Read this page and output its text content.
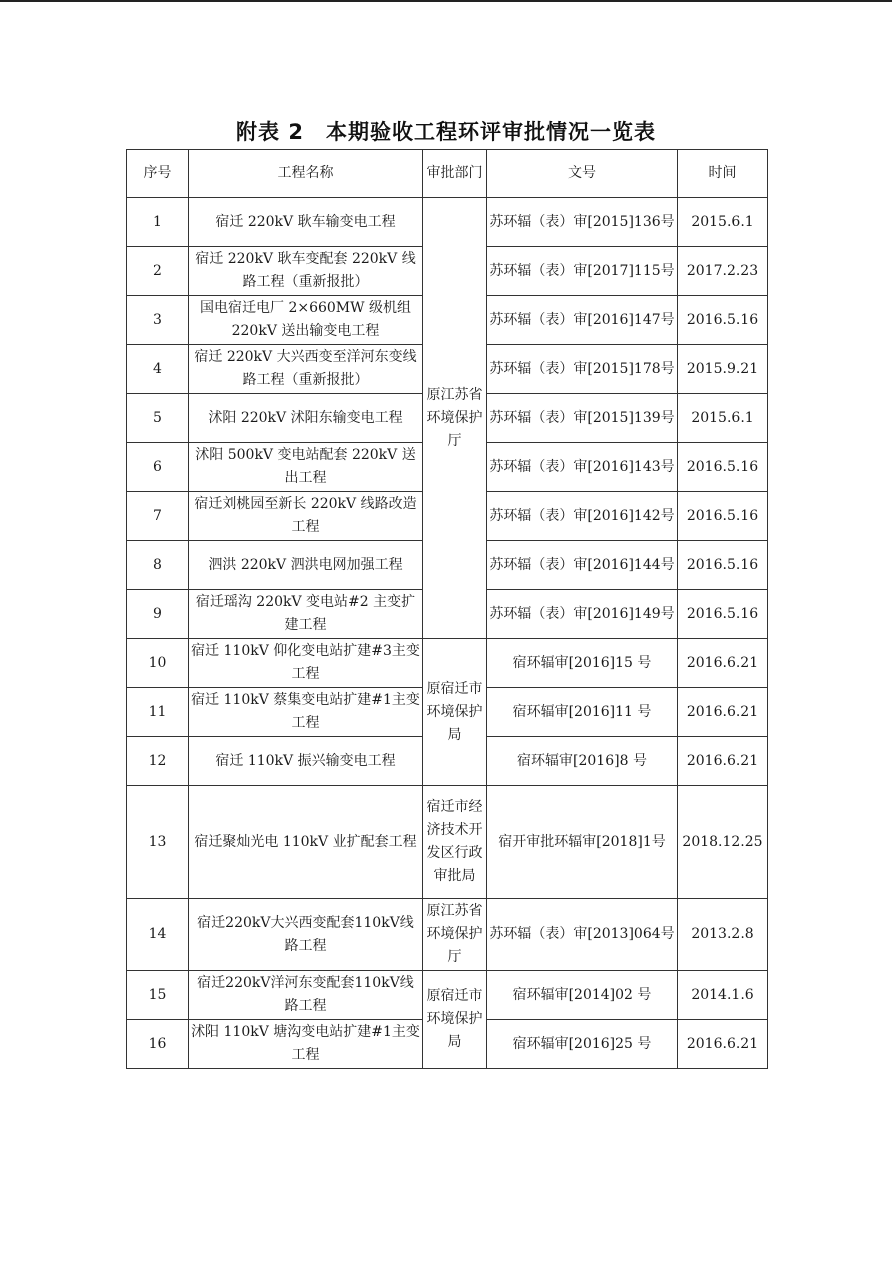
附表 2　本期验收工程环评审批情况一览表
序号	工程名称	审批部门	文号	时间
1	宿迁 220kV 耿车输变电工程	原江苏省环境保护厅	苏环辐（表）审[2015]136号	2015.6.1
2	宿迁 220kV 耿车变配套 220kV 线路工程（重新报批）		苏环辐（表）审[2017]115号	2017.2.23
3	国电宿迁电厂 2×660MW 级机组 220kV 送出输变电工程		苏环辐（表）审[2016]147号	2016.5.16
4	宿迁 220kV 大兴西变至洋河东变线路工程（重新报批）		苏环辐（表）审[2015]178号	2015.9.21
5	沭阳 220kV 沭阳东输变电工程		苏环辐（表）审[2015]139号	2015.6.1
6	沭阳 500kV 变电站配套 220kV 送出工程		苏环辐（表）审[2016]143号	2016.5.16
7	宿迁刘桃园至新长 220kV 线路改造工程		苏环辐（表）审[2016]142号	2016.5.16
8	泗洪 220kV 泗洪电网加强工程		苏环辐（表）审[2016]144号	2016.5.16
9	宿迁瑶沟 220kV 变电站#2 主变扩建工程		苏环辐（表）审[2016]149号	2016.5.16
10	宿迁 110kV 仰化变电站扩建#3主变工程	原宿迁市环境保护局	宿环辐审[2016]15 号	2016.6.21
11	宿迁 110kV 蔡集变电站扩建#1主变工程		宿环辐审[2016]11 号	2016.6.21
12	宿迁 110kV 振兴输变电工程		宿环辐审[2016]8 号	2016.6.21
13	宿迁聚灿光电 110kV 业扩配套工程	宿迁市经济技术开发区行政审批局	宿开审批环辐审[2018]1号	2018.12.25
14	宿迁220kV大兴西变配套110kV线路工程	原江苏省环境保护厅	苏环辐（表）审[2013]064号	2013.2.8
15	宿迁220kV洋河东变配套110kV线路工程	原宿迁市环境保护局	宿环辐审[2014]02 号	2014.1.6
16	沭阳 110kV 塘沟变电站扩建#1主变工程		宿环辐审[2016]25 号	2016.6.21
